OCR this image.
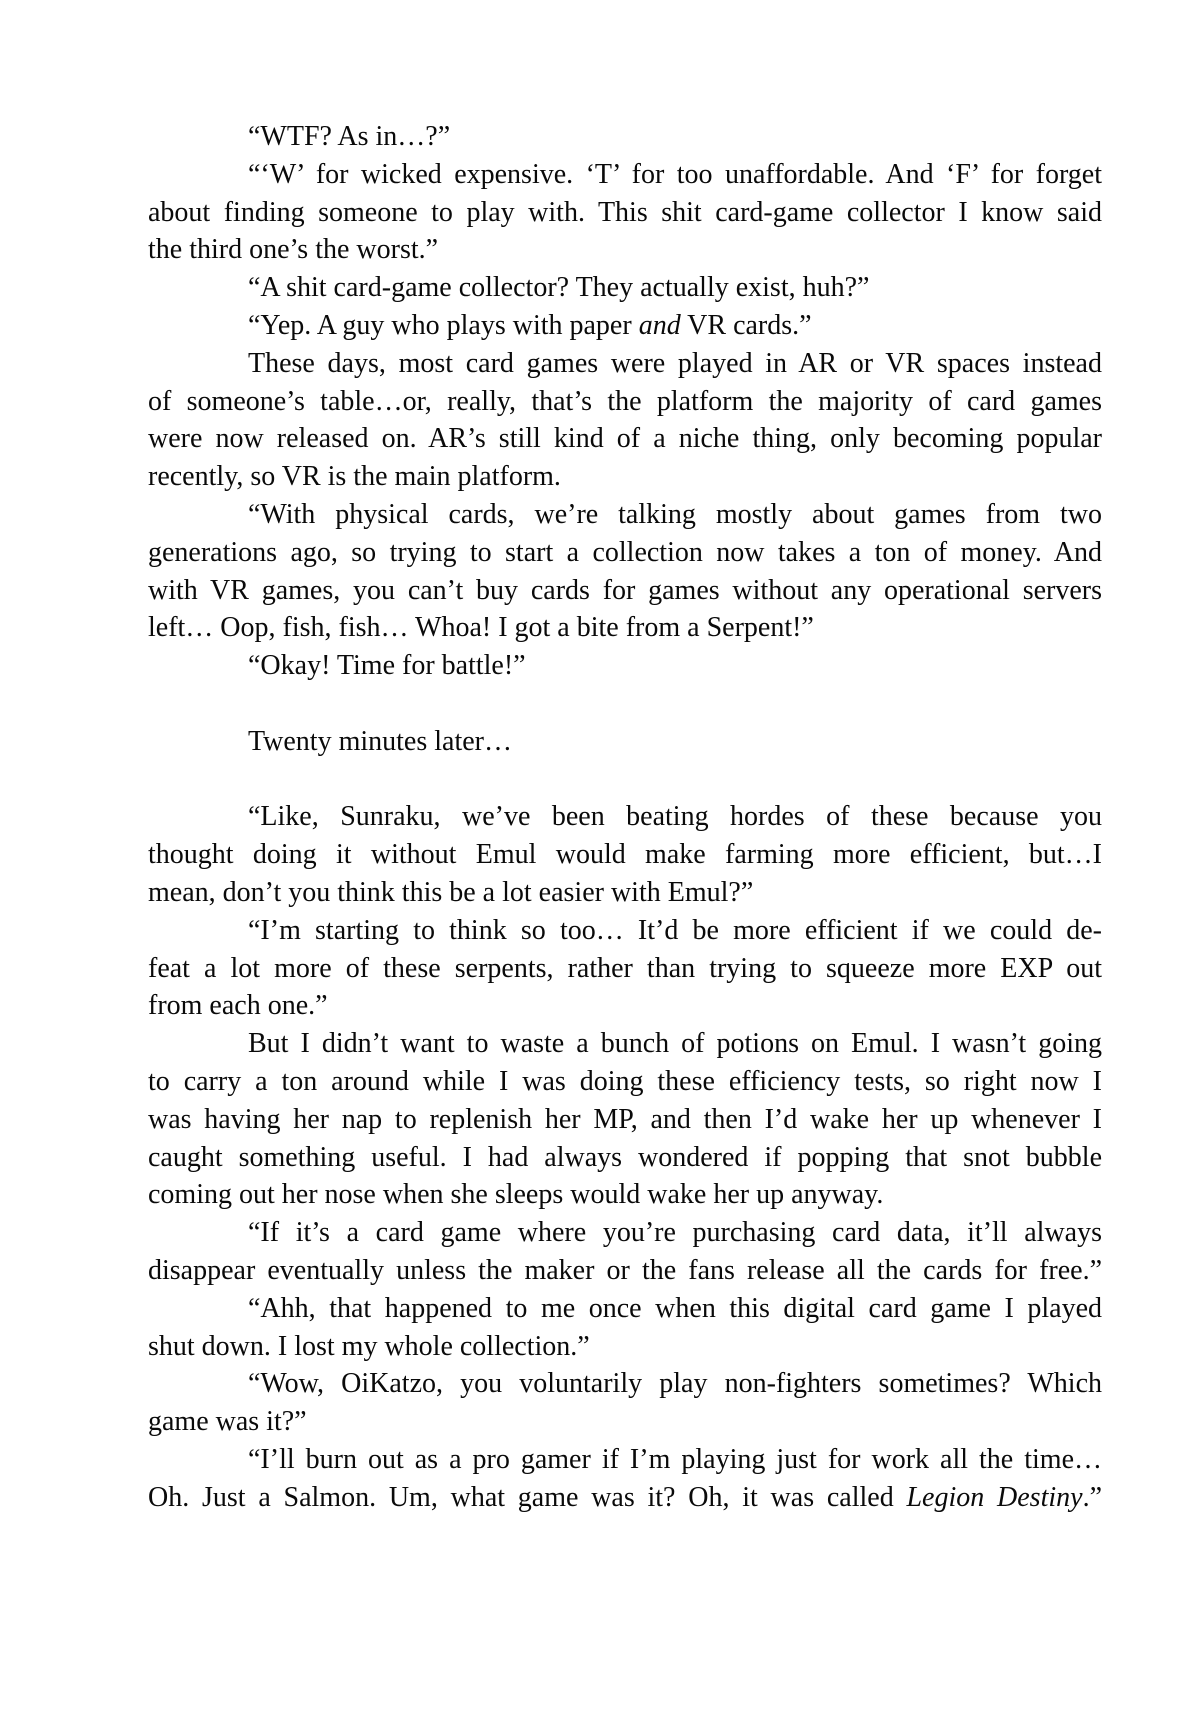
“WTF? As in…?”
“‘W’ for wicked expensive. ‘T’ for too unaffordable. And ‘F’ for forget
about finding someone to play with. This shit card-game collector I know said
the third one’s the worst.”
“A shit card-game collector? They actually exist, huh?”
“Yep. A guy who plays with paper and VR cards.”
These days, most card games were played in AR or VR spaces instead
of someone’s table…or, really, that’s the platform the majority of card games
were now released on. AR’s still kind of a niche thing, only becoming popular
recently, so VR is the main platform.
“With physical cards, we’re talking mostly about games from two
generations ago, so trying to start a collection now takes a ton of money. And
with VR games, you can’t buy cards for games without any operational servers
left… Oop, fish, fish… Whoa! I got a bite from a Serpent!”
“Okay! Time for battle!”
Twenty minutes later…
“Like, Sunraku, we’ve been beating hordes of these because you
thought doing it without Emul would make farming more efficient, but…I
mean, don’t you think this be a lot easier with Emul?”
“I’m starting to think so too… It’d be more efficient if we could de-
feat a lot more of these serpents, rather than trying to squeeze more EXP out
from each one.”
But I didn’t want to waste a bunch of potions on Emul. I wasn’t going
to carry a ton around while I was doing these efficiency tests, so right now I
was having her nap to replenish her MP, and then I’d wake her up whenever I
caught something useful. I had always wondered if popping that snot bubble
coming out her nose when she sleeps would wake her up anyway.
“If it’s a card game where you’re purchasing card data, it’ll always
disappear eventually unless the maker or the fans release all the cards for free.”
“Ahh, that happened to me once when this digital card game I played
shut down. I lost my whole collection.”
“Wow, OiKatzo, you voluntarily play non-fighters sometimes? Which
game was it?”
“I’ll burn out as a pro gamer if I’m playing just for work all the time…
Oh. Just a Salmon. Um, what game was it? Oh, it was called Legion Destiny.”
